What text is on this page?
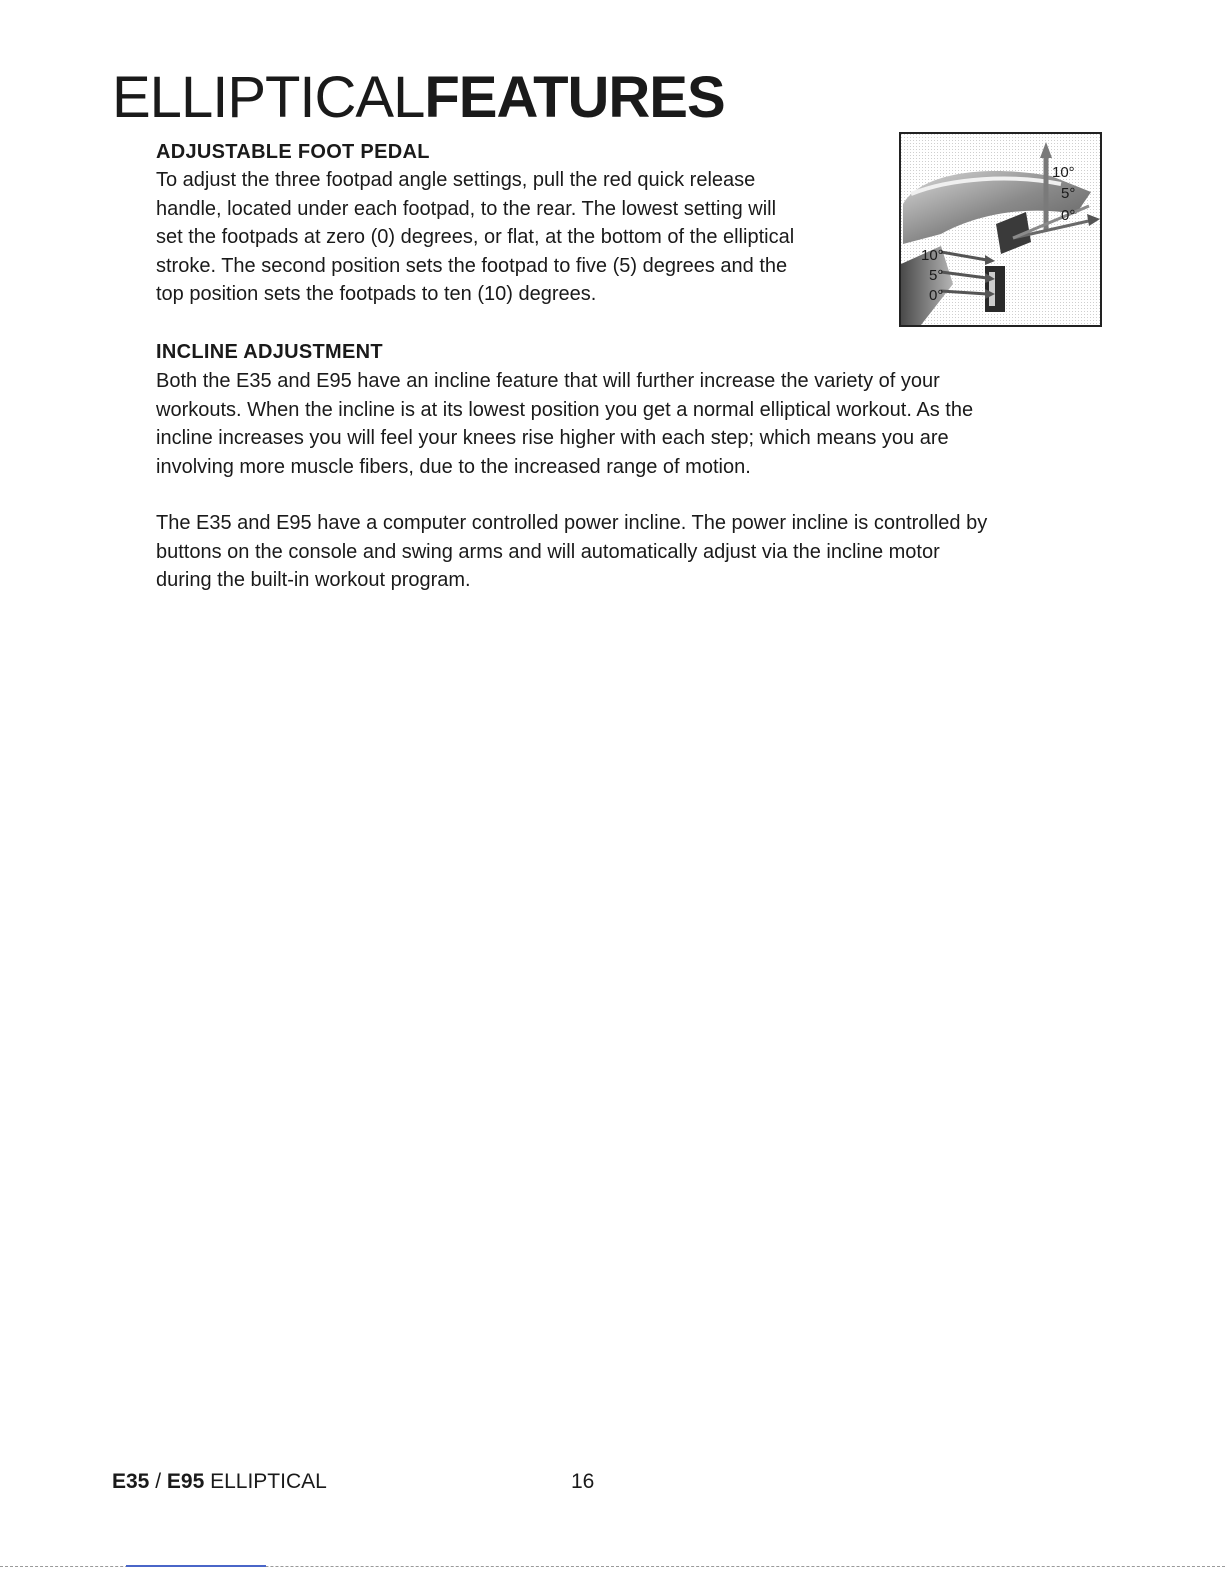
ELLIPTICALFEATURES
ADJUSTABLE FOOT PEDAL
To adjust the three footpad angle settings, pull the red quick release
handle, located under each footpad, to the rear. The lowest setting will
set the footpads at zero (0) degrees, or flat, at the bottom of the elliptical
stroke. The second position sets the footpad to five (5) degrees and the
top position sets the footpads to ten (10) degrees.
10°
5°
0°
10°
5°
0°
INCLINE ADJUSTMENT
Both the E35 and E95 have an incline feature that will further increase the variety of your
workouts. When the incline is at its lowest position you get a normal elliptical workout. As the
incline increases you will feel your knees rise higher with each step; which means you are
involving more muscle fibers, due to the increased range of motion.
The E35 and E95 have a computer controlled power incline. The power incline is controlled by
buttons on the console and swing arms and will automatically adjust via the incline motor
during the built-in workout program.
E35 / E95 ELLIPTICAL	16
